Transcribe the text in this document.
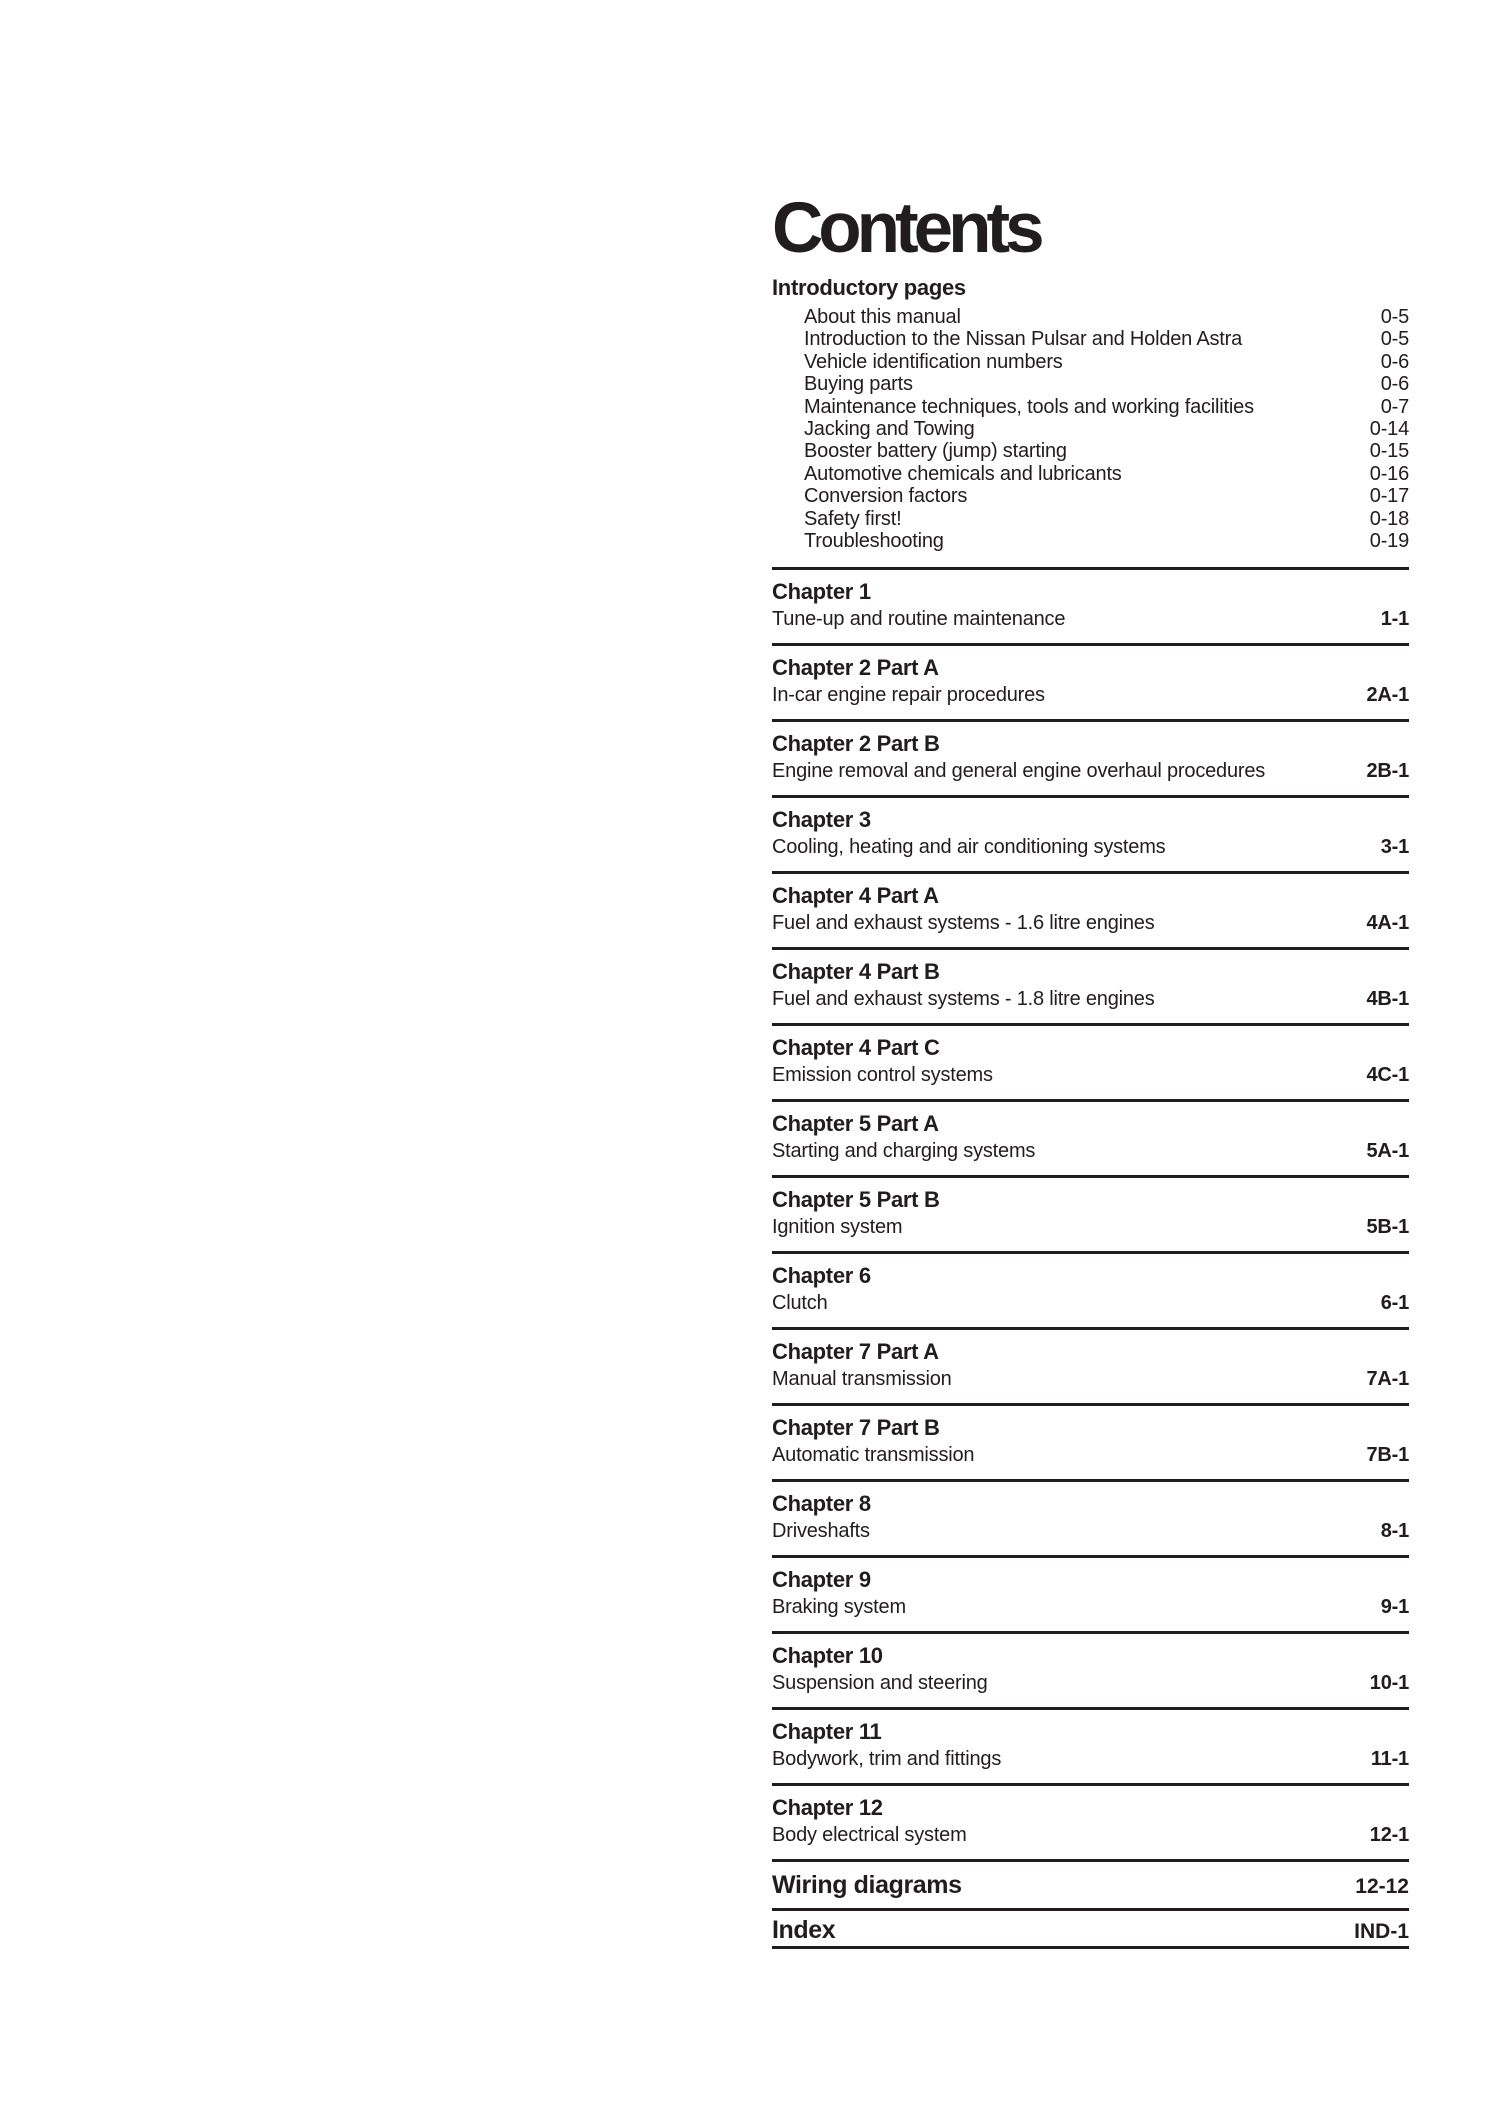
Contents
Introductory pages
About this manual	0-5
Introduction to the Nissan Pulsar and Holden Astra	0-5
Vehicle identification numbers	0-6
Buying parts	0-6
Maintenance techniques, tools and working facilities	0-7
Jacking and Towing	0-14
Booster battery (jump) starting	0-15
Automotive chemicals and lubricants	0-16
Conversion factors	0-17
Safety first!	0-18
Troubleshooting	0-19
Chapter 1
Tune-up and routine maintenance	1-1
Chapter 2 Part A
In-car engine repair procedures	2A-1
Chapter 2 Part B
Engine removal and general engine overhaul procedures	2B-1
Chapter 3
Cooling, heating and air conditioning systems	3-1
Chapter 4 Part A
Fuel and exhaust systems - 1.6 litre engines	4A-1
Chapter 4 Part B
Fuel and exhaust systems - 1.8 litre engines	4B-1
Chapter 4 Part C
Emission control systems	4C-1
Chapter 5 Part A
Starting and charging systems	5A-1
Chapter 5 Part B
Ignition system	5B-1
Chapter 6
Clutch	6-1
Chapter 7 Part A
Manual transmission	7A-1
Chapter 7 Part B
Automatic transmission	7B-1
Chapter 8
Driveshafts	8-1
Chapter 9
Braking system	9-1
Chapter 10
Suspension and steering	10-1
Chapter 11
Bodywork, trim and fittings	11-1
Chapter 12
Body electrical system	12-1
Wiring diagrams	12-12
Index	IND-1
